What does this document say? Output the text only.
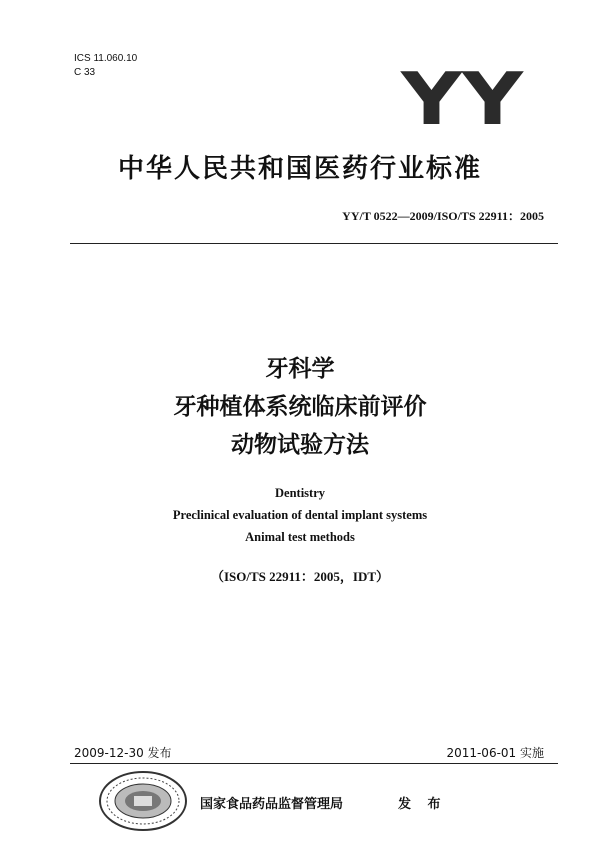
ICS 11.060.10
C 33	YY
中华人民共和国医药行业标准
YY/T 0522—2009/ISO/TS 22911：2005
牙科学
牙种植体系统临床前评价
动物试验方法
Dentistry
Preclinical evaluation of dental implant systems
Animal test methods
（ISO/TS 22911：2005，IDT）
2009-12-30 发布	2011-06-01 实施
国家食品药品监督管理局	发 布
